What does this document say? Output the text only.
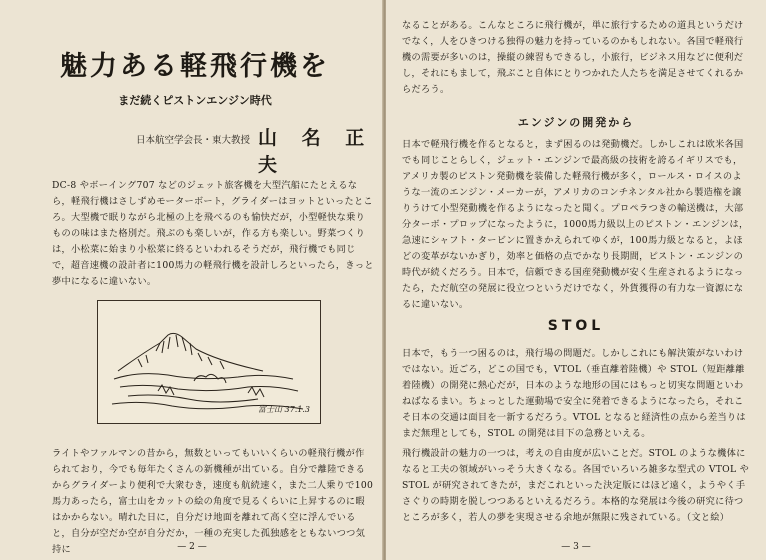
魅力ある軽飛行機を
まだ続くピストンエンジン時代
日本航空学会長・東大教授 山 名 正 夫

DC-8 やボーイング707 などのジェット旅客機を大型汽船にたとえるなら，軽飛行機はさしずめモーターボート，グライダーはヨットといったところ。大型機で眠りながら北極の上を飛べるのも愉快だが，小型軽快な乗りものの味はまた格別だ。飛ぶのも楽しいが，作る方も楽しい。野菜つくりは，小松菜に始まり小松菜に終るといわれるそうだが，飛行機でも同じで，超音速機の設計者に100馬力の軽飛行機を設計しろといったら，きっと夢中になるに違いない。

富士山 37.1.3

ライトやファルマンの昔から，無数といってもいいくらいの軽飛行機が作られており，今でも毎年たくさんの新機種が出ている。自分で離陸できるからグライダーより便利で大衆むき，速度も航続速く，また二人乗りで100馬力あったら，富士山をカットの絵の角度で見るくらいに上昇するのに暇はかからない。晴れた日に，自分だけ地面を離れて高く空に浮んでいると，自分が空だか空が自分だか，一種の充実した孤独感をともないつつ気持に	— 2 —

なることがある。こんなところに飛行機が，単に旅行するための道具というだけでなく，人をひきつける独得の魅力を持っているのかもしれない。各国で軽飛行機の需要が多いのは，操縦の練習もできるし，小旅行，ビジネス用などに便利だし，それにもまして，飛ぶこと自体にとりつかれた人たちを満足させてくれるからだろう。

エンジンの開発から

日本で軽飛行機を作るとなると，まず困るのは発動機だ。しかしこれは欧米各国でも同じことらしく，ジェット・エンジンで最高級の技術を誇るイギリスでも，アメリカ製のピストン発動機を装備した軽飛行機が多く，ロールス・ロイスのような一流のエンジン・メーカーが，アメリカのコンチネンタル社から製造権を譲りうけて小型発動機を作るようになったと聞く。プロペラつきの輸送機は，大部分ターボ・プロップになったように，1000馬力級以上のピストン・エンジンは，急速にシャフト・タービンに置きかえられてゆくが，100馬力級となると，よほどの変革がないかぎり，効率と価格の点でかなり長期間，ピストン・エンジンの時代が続くだろう。日本で，信頼できる国産発動機が安く生産されるようになったら，ただ航空の発展に役立つというだけでなく，外貨獲得の有力な一資源になるに違いない。

STOL

日本で，もう一つ困るのは，飛行場の問題だ。しかしこれにも解決策がないわけではない。近ごろ，どこの国でも，VTOL（垂直離着陸機）や STOL（短距離離着陸機）の開発に熱心だが，日本のような地形の国にはもっと切実な問題といわねばなるまい。ちょっとした運動場で安全に発着できるようになったら，それこそ日本の交通は面目を一新するだろう。VTOL となると経済性の点から差当りはまだ無理としても，STOL の開発は目下の急務といえる。

飛行機設計の魅力の一つは，考えの自由度が広いことだ。STOL のような機体になると工夫の領域がいっそう大きくなる。各国でいろいろ雑多な型式の VTOL や STOL が研究されてきたが，まだこれといった決定版にはほど遠く，ようやく手さぐりの時期を脱しつつあるといえるだろう。本格的な発展は今後の研究に待つところが多く，若人の夢を実現させる余地が無限に残されている。（文と絵）

— 3 —
